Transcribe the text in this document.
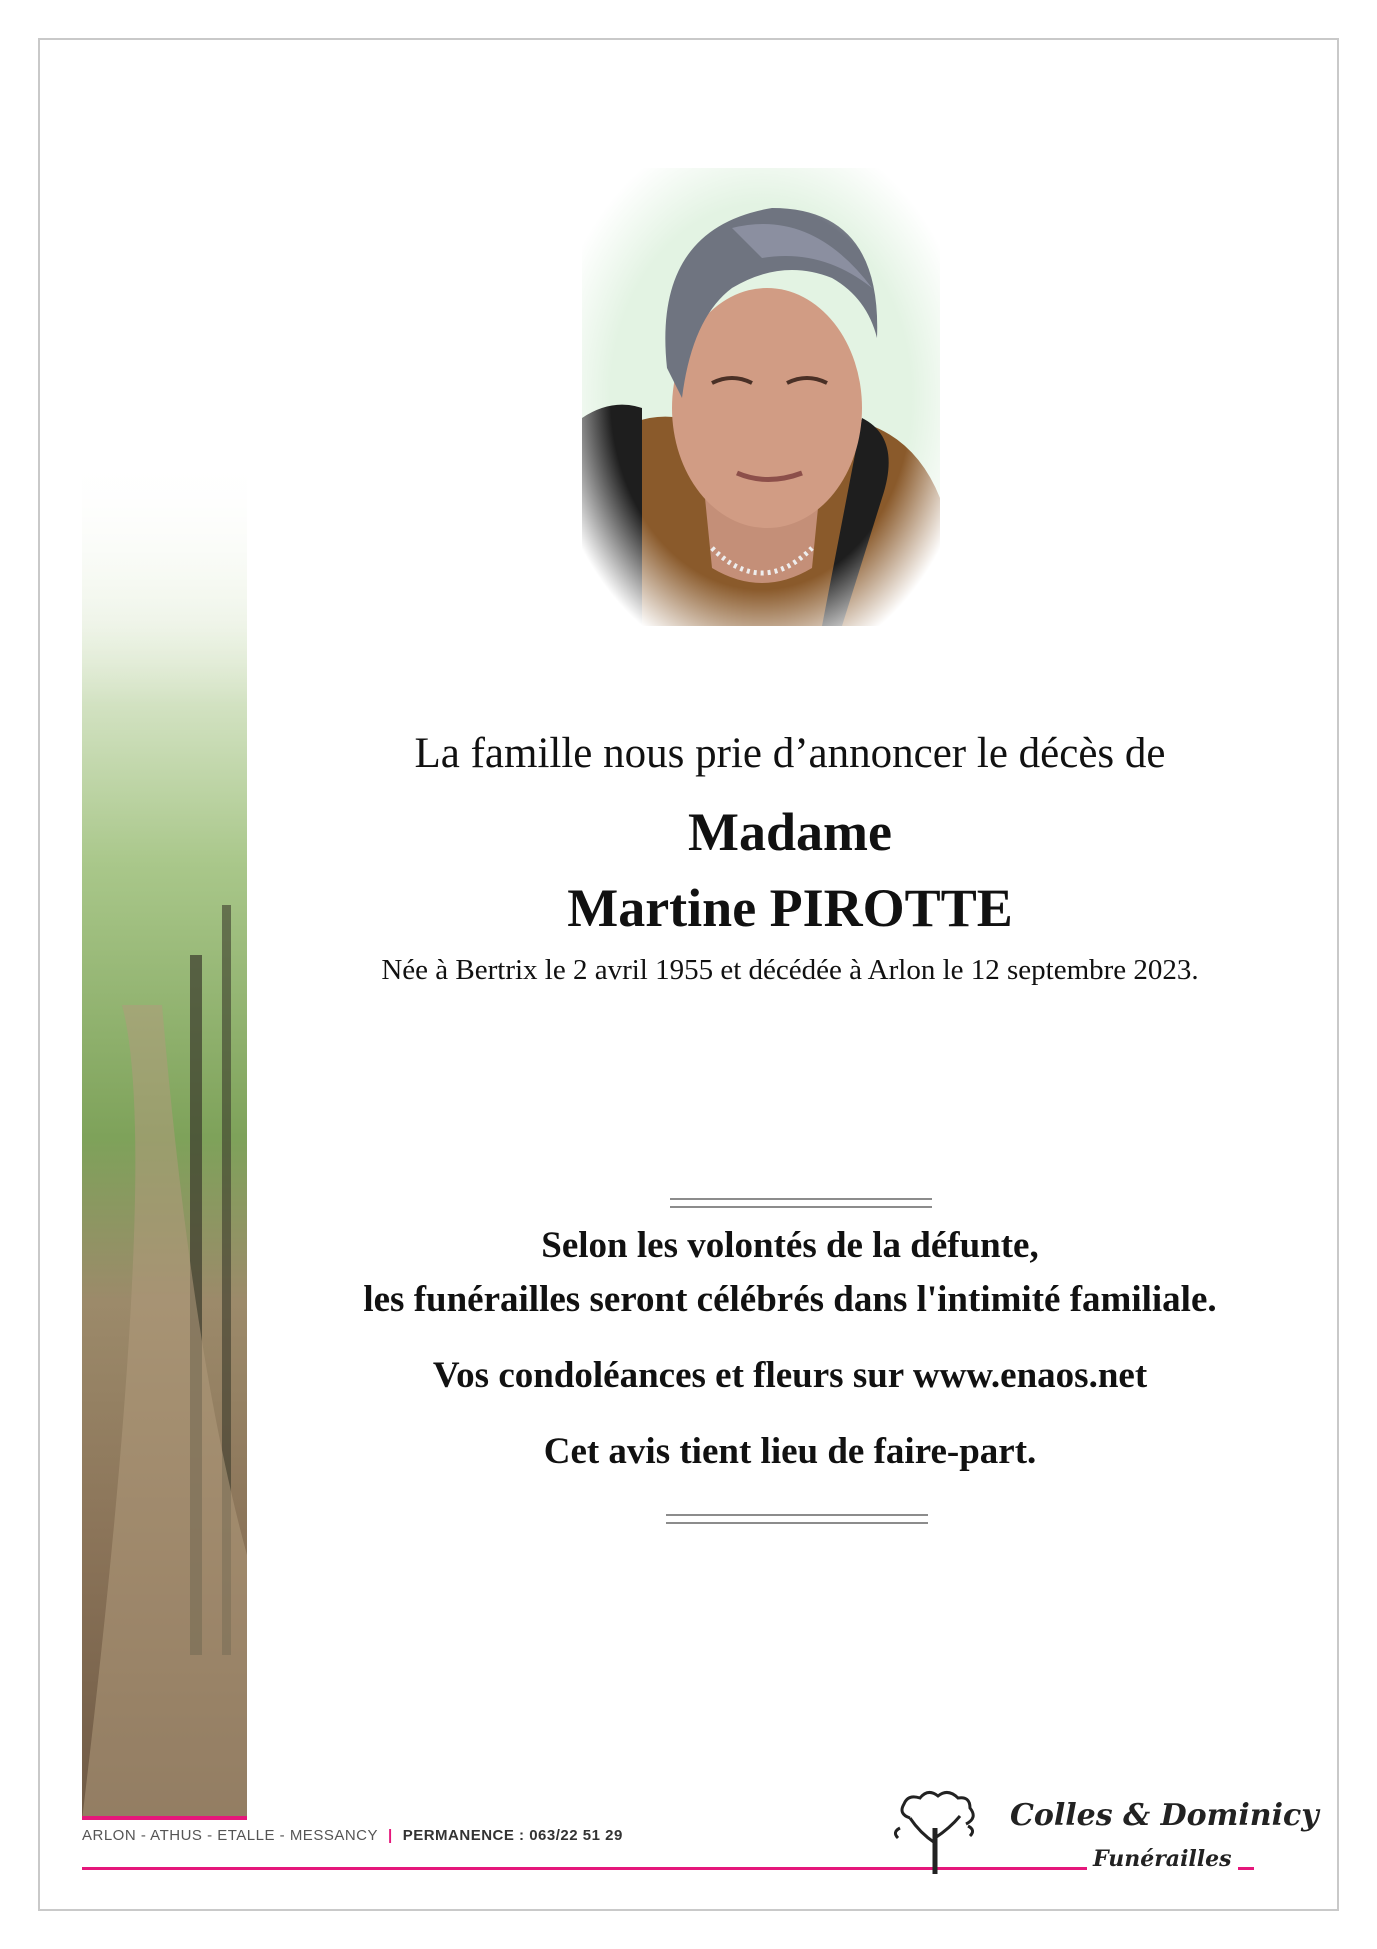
La famille nous prie d’annoncer le décès de
Madame
Martine PIROTTE
Née à Bertrix le 2 avril 1955 et décédée à Arlon le 12 septembre 2023.
Selon les volontés de la défunte,
les funérailles seront célébrés dans l'intimité familiale.
Vos condoléances et fleurs sur www.enaos.net
Cet avis tient lieu de faire-part.
ARLON - ATHUS - ETALLE - MESSANCY | PERMANENCE : 063/22 51 29
Colles & Dominicy
Funérailles
